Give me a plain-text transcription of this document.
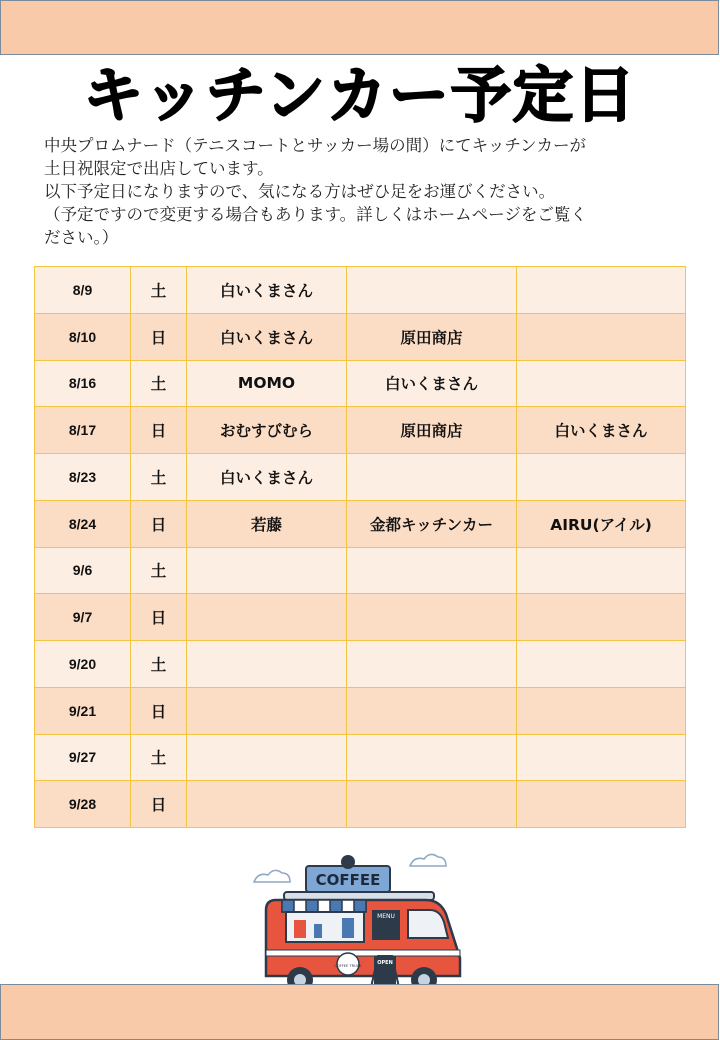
キッチンカー予定日

中央プロムナード（テニスコートとサッカー場の間）にてキッチンカーが

土日祝限定で出店しています。

以下予定日になりますので、気になる方はぜひ足をお運びください。

（予定ですので変更する場合もあります。詳しくはホームページをご覧く

ださい。）

8/9	土	白いくまさん		
8/10	日	白いくまさん	原田商店	
8/16	土	MOMO	白いくまさん	
8/17	日	おむすびむら	原田商店	白いくまさん
8/23	土	白いくまさん		
8/24	日	若藤	金都キッチンカー	AIRU(アイル)
9/6	土			
9/7	日			
9/20	土			
9/21	日			
9/27	土			
9/28	日			
COFFEE
MENU
COFFEE TRUCK	OPEN
